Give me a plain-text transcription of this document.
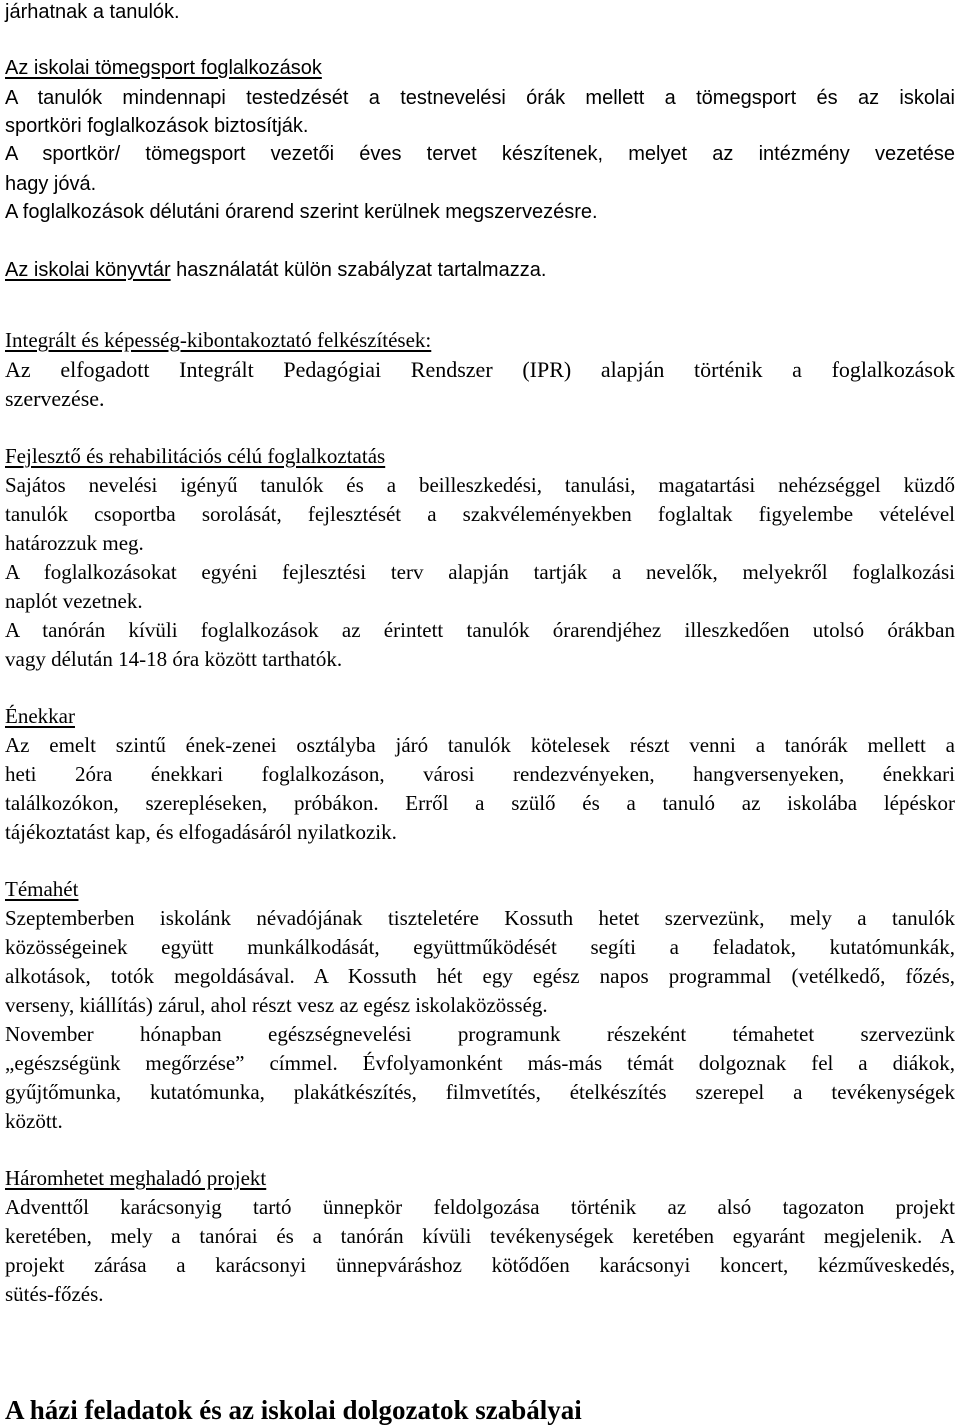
járhatnak a tanulók.
Az iskolai tömegsport foglalkozások
A tanulók mindennapi testedzését a testnevelési órák mellett a tömegsport és az iskolai
sportköri foglalkozások biztosítják.
A sportkör/ tömegsport vezetői éves tervet készítenek, melyet az intézmény vezetése
hagy jóvá.
A foglalkozások délutáni órarend szerint kerülnek megszervezésre.
Az iskolai könyvtár használatát külön szabályzat tartalmazza.
Integrált és képesség-kibontakoztató felkészítések:
Az elfogadott Integrált Pedagógiai Rendszer (IPR) alapján történik a foglalkozások
szervezése.
Fejlesztő és rehabilitációs célú foglalkoztatás
Sajátos nevelési igényű tanulók és a beilleszkedési, tanulási, magatartási nehézséggel küzdő
tanulók csoportba sorolását, fejlesztését a szakvéleményekben foglaltak figyelembe vételével
határozzuk meg.
A foglalkozásokat egyéni fejlesztési terv alapján tartják a nevelők, melyekről foglalkozási
naplót vezetnek.
A tanórán kívüli foglalkozások az érintett tanulók órarendjéhez illeszkedően utolsó órákban
vagy délután 14-18 óra között tarthatók.
Énekkar
Az emelt szintű ének-zenei osztályba járó tanulók kötelesek részt venni a tanórák mellett a
heti 2óra énekkari foglalkozáson, városi rendezvényeken, hangversenyeken, énekkari
találkozókon, szerepléseken, próbákon. Erről a szülő és a tanuló az iskolába lépéskor
tájékoztatást kap, és elfogadásáról nyilatkozik.
Témahét
Szeptemberben iskolánk névadójának tiszteletére Kossuth hetet szervezünk, mely a tanulók
közösségeinek együtt munkálkodását, együttműködését segíti a feladatok, kutatómunkák,
alkotások, totók megoldásával. A Kossuth hét egy egész napos programmal (vetélkedő, főzés,
verseny, kiállítás) zárul, ahol részt vesz az egész iskolaközösség.
November hónapban egészségnevelési programunk részeként témahetet szervezünk
„egészségünk megőrzése” címmel. Évfolyamonként más-más témát dolgoznak fel a diákok,
gyűjtőmunka, kutatómunka, plakátkészítés, filmvetítés, ételkészítés szerepel a tevékenységek
között.
Háromhetet meghaladó projekt
Adventtől karácsonyig tartó ünnepkör feldolgozása történik az alsó tagozaton projekt
keretében, mely a tanórai és a tanórán kívüli tevékenységek keretében egyaránt megjelenik. A
projekt zárása a karácsonyi ünnepváráshoz kötődően karácsonyi koncert, kézműveskedés,
sütés-főzés.
A házi feladatok és az iskolai dolgozatok szabályai
